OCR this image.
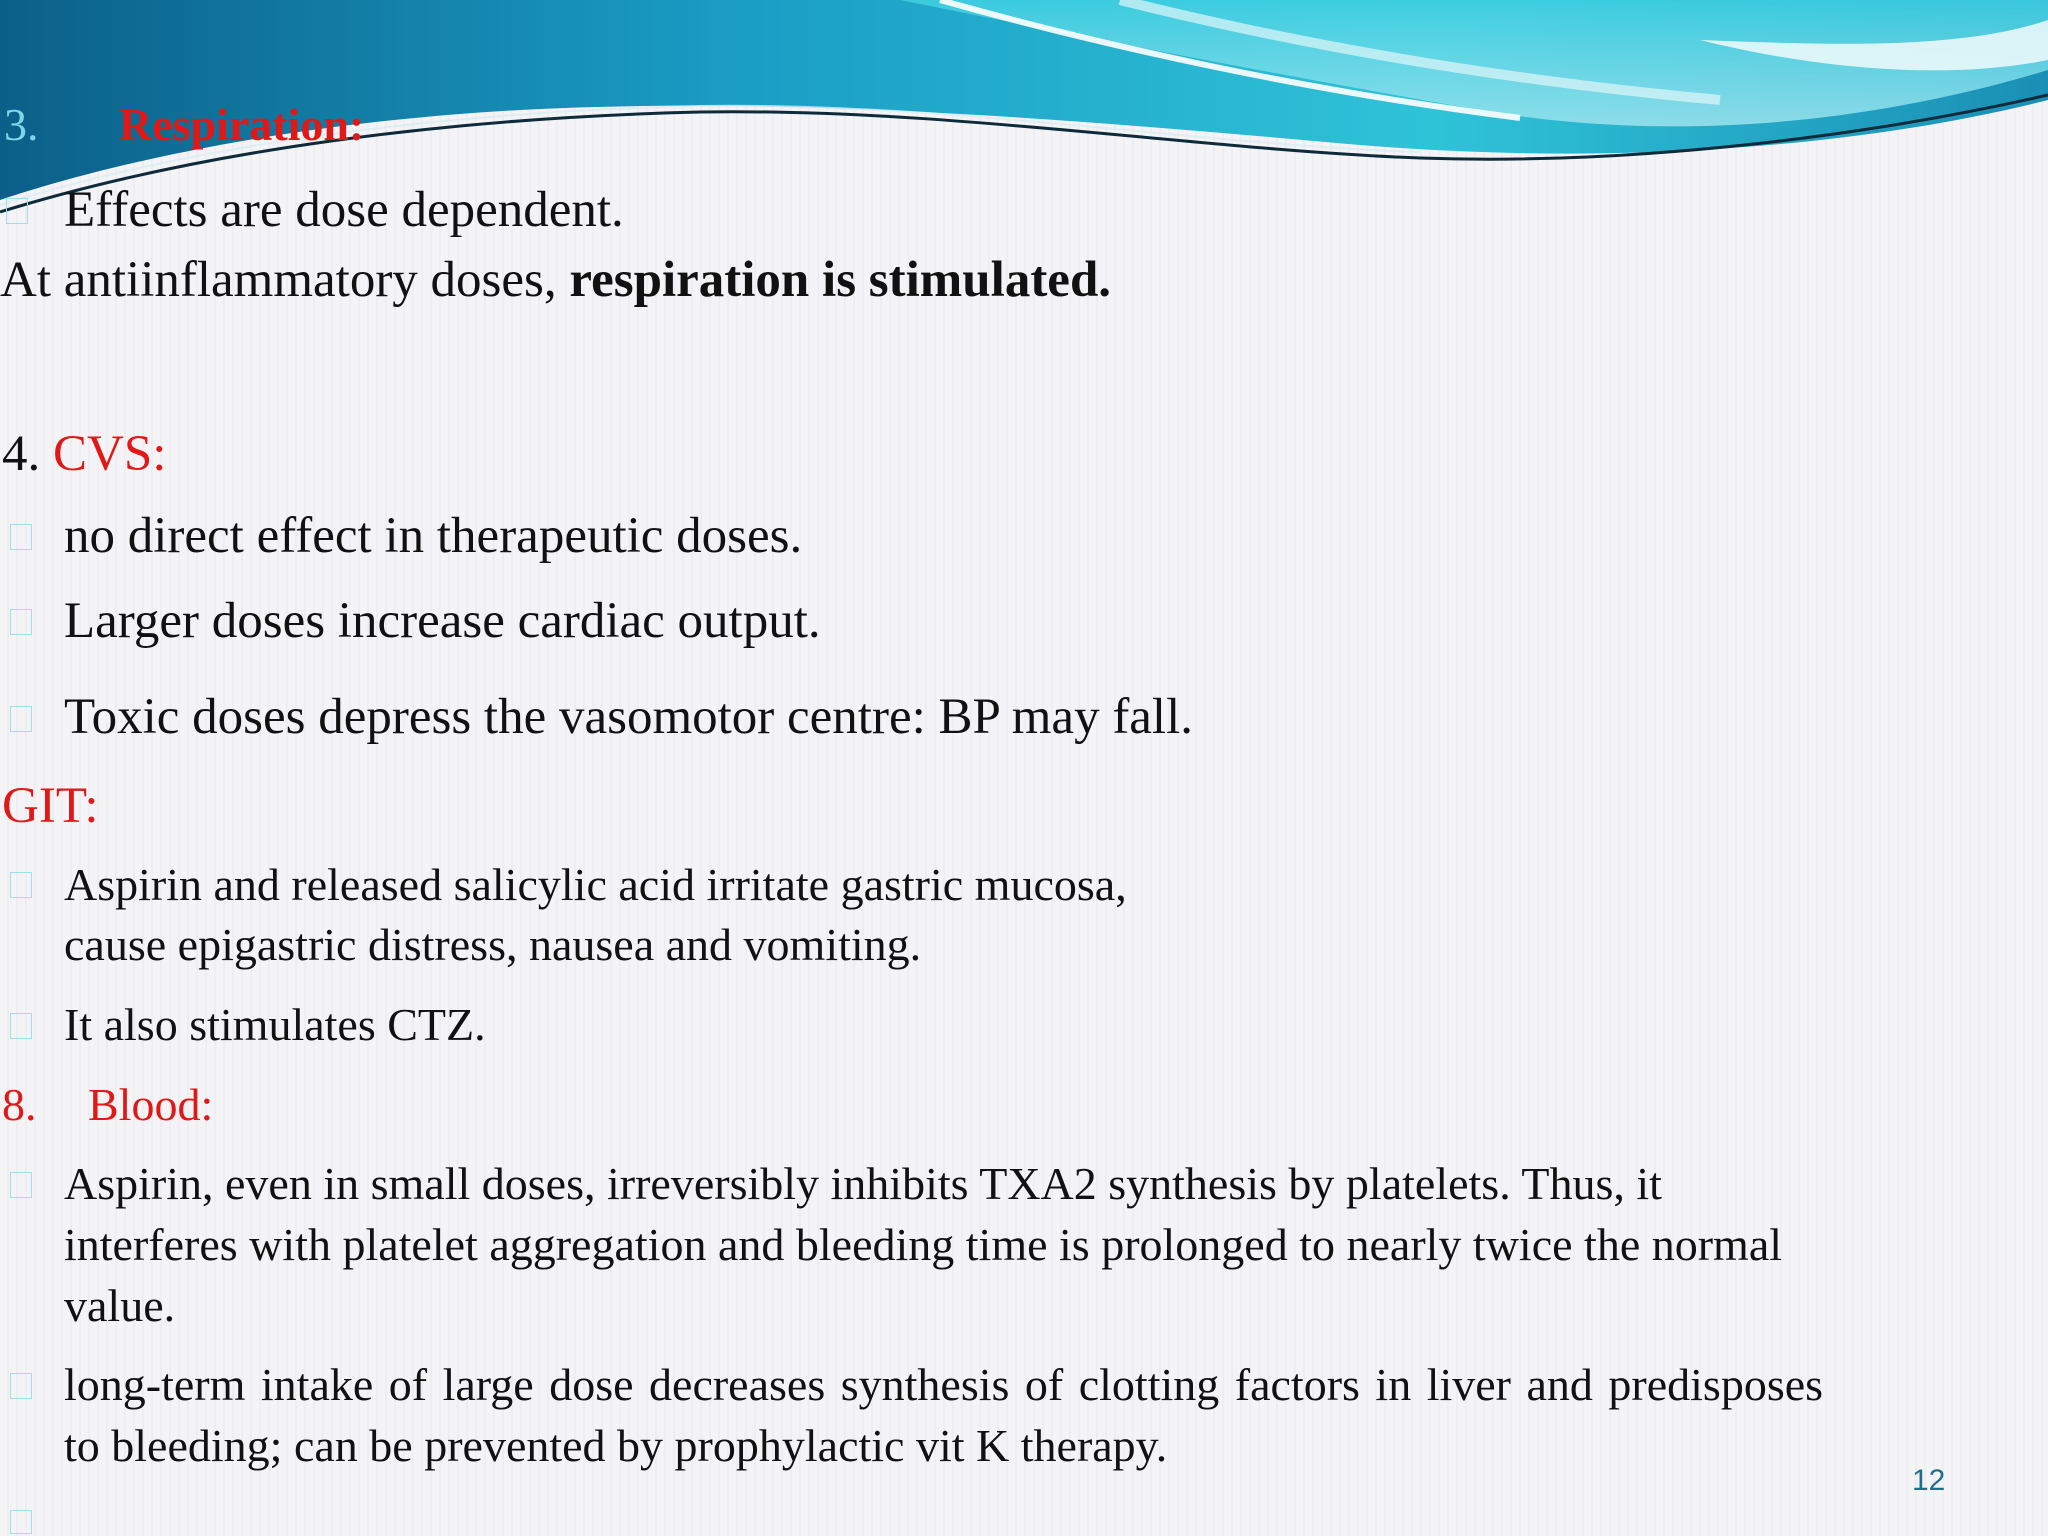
3. Respiration:
Effects are dose dependent.
At antiinflammatory doses, respiration is stimulated.
4. CVS:
no direct effect in therapeutic doses.
Larger doses increase cardiac output.
Toxic doses depress the vasomotor centre: BP may fall.
GIT:
Aspirin and released salicylic acid irritate gastric mucosa,
cause epigastric distress, nausea and vomiting.
It also stimulates CTZ.
8. Blood:
Aspirin, even in small doses, irreversibly inhibits TXA2 synthesis by platelets. Thus, it
interferes with platelet aggregation and bleeding time is prolonged to nearly twice the normal
value.
long-term intake of large dose decreases synthesis of clotting factors in liver and predisposes
to bleeding; can be prevented by prophylactic vit K therapy.
12
